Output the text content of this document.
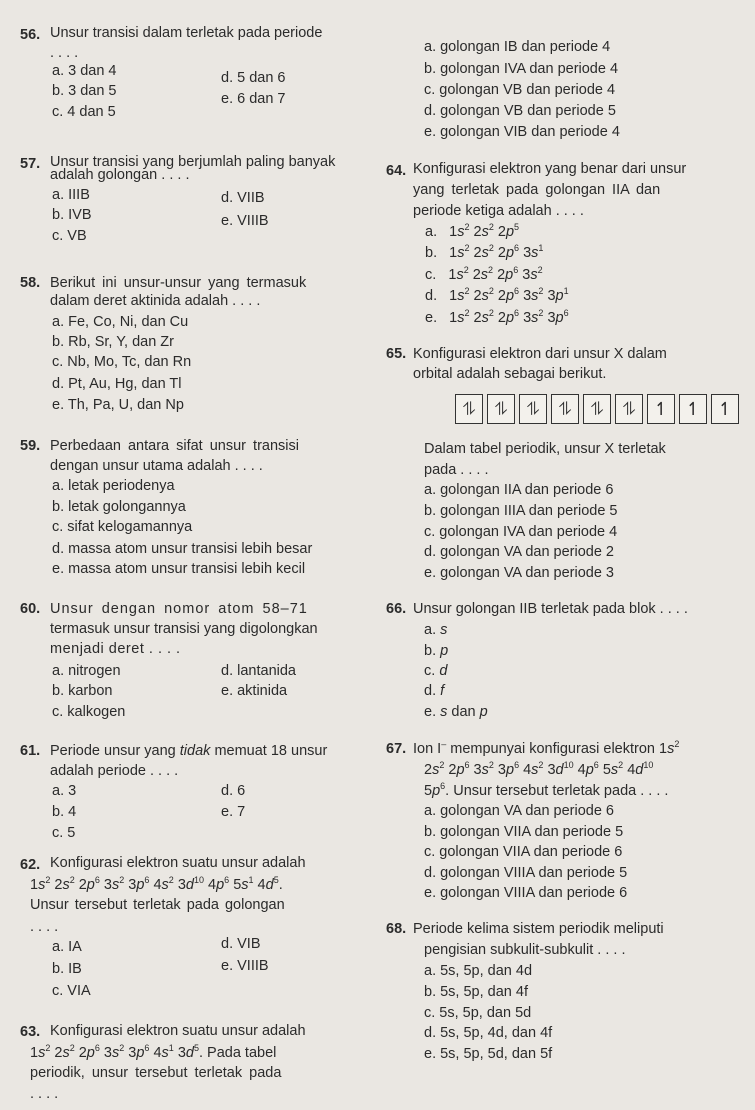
56. Unsur transisi dalam terletak pada periode
. . . .
a. 3 dan 4
b. 3 dan 5
c. 4 dan 5
d. 5 dan 6
e. 6 dan 7
57. Unsur transisi yang berjumlah paling banyak
adalah golongan . . . .
a. IIIB
b. IVB
c. VB
d. VIIB
e. VIIIB
58. Berikut ini unsur-unsur yang termasuk
dalam deret aktinida adalah . . . .
a. Fe, Co, Ni, dan Cu
b. Rb, Sr, Y, dan Zr
c. Nb, Mo, Tc, dan Rn
d. Pt, Au, Hg, dan Tl
e. Th, Pa, U, dan Np
59. Perbedaan antara sifat unsur transisi
dengan unsur utama adalah . . . .
a. letak periodenya
b. letak golongannya
c. sifat kelogamannya
d. massa atom unsur transisi lebih besar
e. massa atom unsur transisi lebih kecil
60. Unsur dengan nomor atom 58–71
termasuk unsur transisi yang digolongkan
menjadi deret . . . .
a. nitrogen
b. karbon
c. kalkogen
d. lantanida
e. aktinida
61. Periode unsur yang tidak memuat 18 unsur
adalah periode . . . .
a. 3
b. 4
c. 5
d. 6
e. 7
62. Konfigurasi elektron suatu unsur adalah
$1s^2$ $2s^2$ $2p^6$ $3s^2$ $3p^6$ $4s^2$ $3d^{10}$ $4p^6$ $5s^1$ $4d^5$.
Unsur tersebut terletak pada golongan
. . . .
a. IA
b. IB
c. VIA
d. VIB
e. VIIIB
63. Konfigurasi elektron suatu unsur adalah
$1s^2$ $2s^2$ $2p^6$ $3s^2$ $3p^6$ $4s^1$ $3d^5$. Pada tabel
periodik, unsur tersebut terletak pada
. . . .
a. golongan IB dan periode 4
b. golongan IVA dan periode 4
c. golongan VB dan periode 4
d. golongan VB dan periode 5
e. golongan VIB dan periode 4
64. Konfigurasi elektron yang benar dari unsur
yang terletak pada golongan IIA dan
periode ketiga adalah . . . .
a.   $1s^2$ $2s^2$ $2p^5$
b.   $1s^2$ $2s^2$ $2p^6$ $3s^1$
c.   $1s^2$ $2s^2$ $2p^6$ $3s^2$
d.   $1s^2$ $2s^2$ $2p^6$ $3s^2$ $3p^1$
e.   $1s^2$ $2s^2$ $2p^6$ $3s^2$ $3p^6$
65. Konfigurasi elektron dari unsur X dalam
orbital adalah sebagai berikut.
⥮	⥮	⥮	⥮	⥮	⥮ ↿ ↿ ↿
Dalam tabel periodik, unsur X terletak
pada . . . .
a. golongan IIA dan periode 6
b. golongan IIIA dan periode 5
c. golongan IVA dan periode 4
d. golongan VA dan periode 2
e. golongan VA dan periode 3
66. Unsur golongan IIB terletak pada blok . . . .
a. s
b. p
c. d
d. f
e. s dan p
67. Ion I– mempunyai konfigurasi elektron $1s^2$
$2s^2$ $2p^6$ $3s^2$ $3p^6$ $4s^2$ $3d^{10}$ $4p^6$ $5s^2$ $4d^{10}$
$5p^6$. Unsur tersebut terletak pada . . . .
a. golongan VA dan periode 6
b. golongan VIIA dan periode 5
c. golongan VIIA dan periode 6
d. golongan VIIIA dan periode 5
e. golongan VIIIA dan periode 6
68. Periode kelima sistem periodik meliputi
pengisian subkulit-subkulit . . . .
a. 5s, 5p, dan 4d
b. 5s, 5p, dan 4f
c. 5s, 5p, dan 5d
d. 5s, 5p, 4d, dan 4f
e. 5s, 5p, 5d, dan 5f
